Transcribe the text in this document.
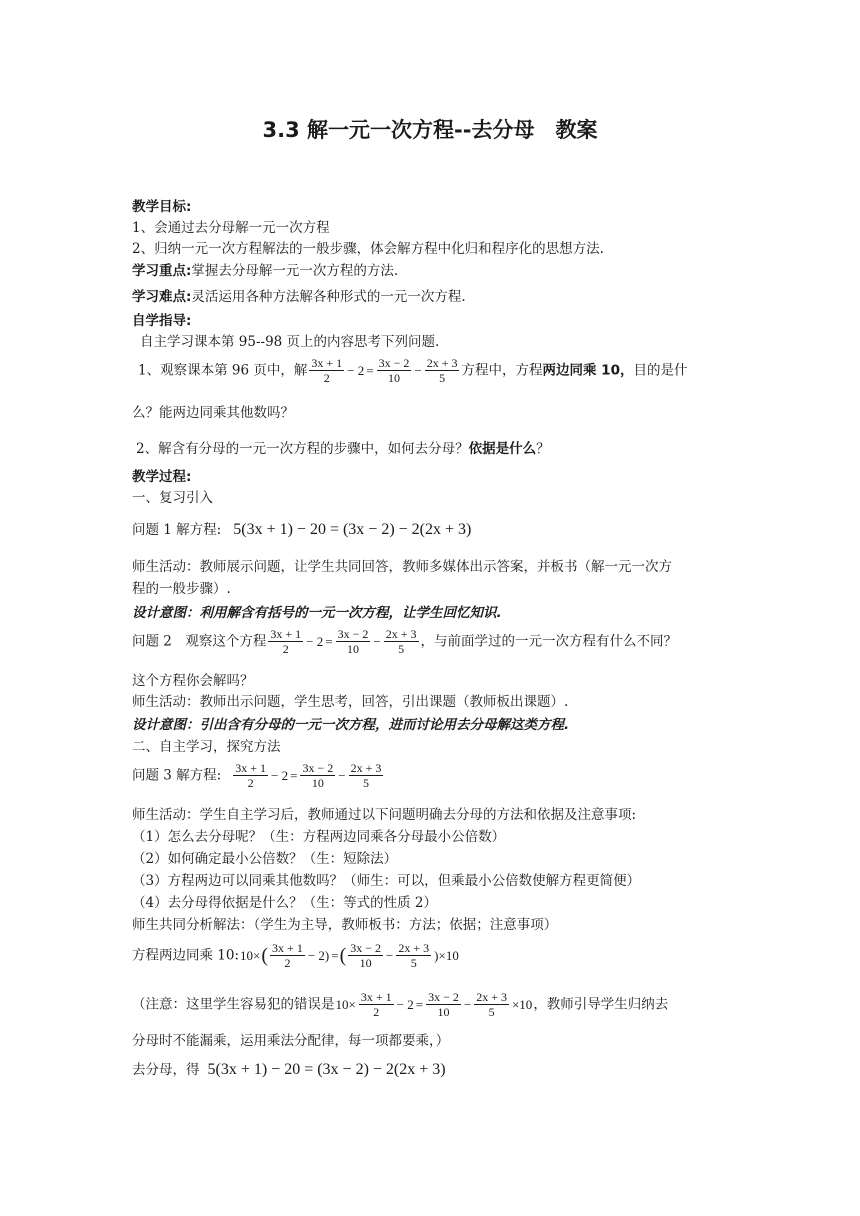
3.3 解一元一次方程--去分母　教案
教学目标:
1、会通过去分母解一元一次方程
2、归纳一元一次方程解法的一般步骤，体会解方程中化归和程序化的思想方法.
学习重点:掌握去分母解一元一次方程的方法.
学习难点:灵活运用各种方法解各种形式的一元一次方程.
自学指导:
自主学习课本第 95--98 页上的内容思考下列问题.
1、观察课本第 96 页中，解 $\frac{3x + 1}{2} - 2 = \frac{3x - 2}{10} - \frac{2x + 3}{5}$ 方程中，方程两边同乘 10，目的是什
么？能两边同乘其他数吗？
2、解含有分母的一元一次方程的步骤中，如何去分母？依据是什么？
教学过程:
一、复习引入
问题 1 解方程: 5(3x + 1) − 20 = (3x − 2) − 2(2x + 3)
师生活动：教师展示问题，让学生共同回答，教师多媒体出示答案，并板书（解一元一次方
程的一般步骤）.
设计意图：利用解含有括号的一元一次方程，让学生回忆知识.
问题 2　观察这个方程 $\frac{3x + 1}{2} - 2 = \frac{3x - 2}{10} - \frac{2x + 3}{5}$ ，与前面学过的一元一次方程有什么不同？
这个方程你会解吗？
师生活动：教师出示问题，学生思考，回答，引出课题（教师板出课题）.
设计意图：引出含有分母的一元一次方程，进而讨论用去分母解这类方程.
二、自主学习，探究方法
问题 3 解方程: $\frac{3x + 1}{2} - 2 = \frac{3x - 2}{10} - \frac{2x + 3}{5}$
师生活动：学生自主学习后，教师通过以下问题明确去分母的方法和依据及注意事项:
（1）怎么去分母呢？（生：方程两边同乘各分母最小公倍数）
（2）如何确定最小公倍数？（生：短除法）
（3）方程两边可以同乘其他数吗？（师生：可以，但乘最小公倍数使解方程更简便）
（4）去分母得依据是什么？（生：等式的性质 2）
师生共同分析解法：（学生为主导，教师板书：方法；依据；注意事项）
方程两边同乘 10:10×( $\frac{3x + 1}{2} - 2$) =( $\frac{3x - 2}{10} - \frac{2x + 3}{5} )\times 10$
（注意：这里学生容易犯的错误是$10\times \frac{3x + 1}{2} - 2 = \frac{3x - 2}{10} - \frac{2x + 3}{5} \times 10$，教师引导学生归纳去
分母时不能漏乘，运用乘法分配律，每一项都要乘，）
去分母，得 5(3x + 1) − 20 = (3x − 2) − 2(2x + 3)
